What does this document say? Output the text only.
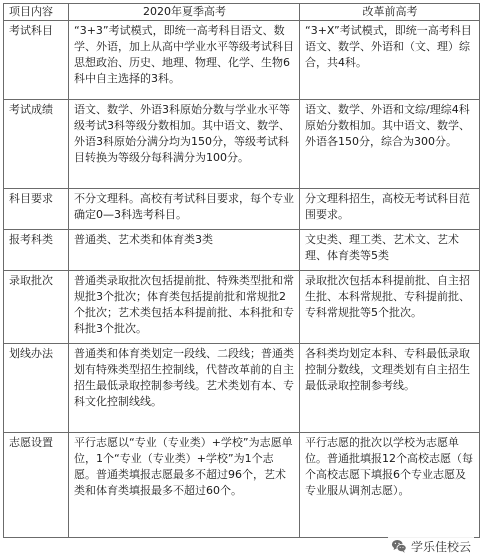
项目内容	2020年夏季高考	改革前高考
考试科目	“3+3”考试模式，即统一高考科目语文、数学、外语，加上从高中学业水平等级考试科目思想政治、历史、地理、物理、化学、生物6科中自主选择的3科。	“3+X”考试模式，即统一高考科目语文、数学、外语和（文、理）综合，共4科。
考试成绩	语文、数学、外语3科原始分数与学业水平等级考试3科等级分数相加。其中语文、数学、外语3科原始分满分均为150分，等级考试科目转换为等级分每科满分为100分。	语文、数学、外语和文综/理综4科原始分数相加。其中语文、数学、外语各150分，综合为300分。
科目要求	不分文理科。高校有考试科目要求，每个专业确定0—3科选考科目。	分文理科招生，高校无考试科目范围要求。
报考科类	普通类、艺术类和体育类3类	文史类、理工类、艺术文、艺术理、体育类等5类
录取批次	普通类录取批次包括提前批、特殊类型批和常规批3个批次；体育类包括提前批和常规批2个批次；艺术类包括本科提前批、本科批和专科批3个批次。	录取批次包括本科提前批、自主招生批、本科常规批、专科提前批、专科常规批等5个批次。
划线办法	普通类和体育类划定一段线、二段线；普通类划有特殊类型招生控制线，代替改革前的自主招生最低录取控制参考线。艺术类划有本、专科文化控制线线。	各科类均划定本科、专科最低录取控制分数线，文理类划有自主招生最低录取控制参考线。
志愿设置	平行志愿以“专业（专业类）+学校”为志愿单位，1个“专业（专业类）+学校”为1个志愿。普通类填报志愿最多不超过96个，艺术类和体育类填报最多不超过60个。	平行志愿的批次以学校为志愿单位。普通批填报12个高校志愿（每个高校志愿下填报6个专业志愿及专业服从调剂志愿）。
学乐佳校云
